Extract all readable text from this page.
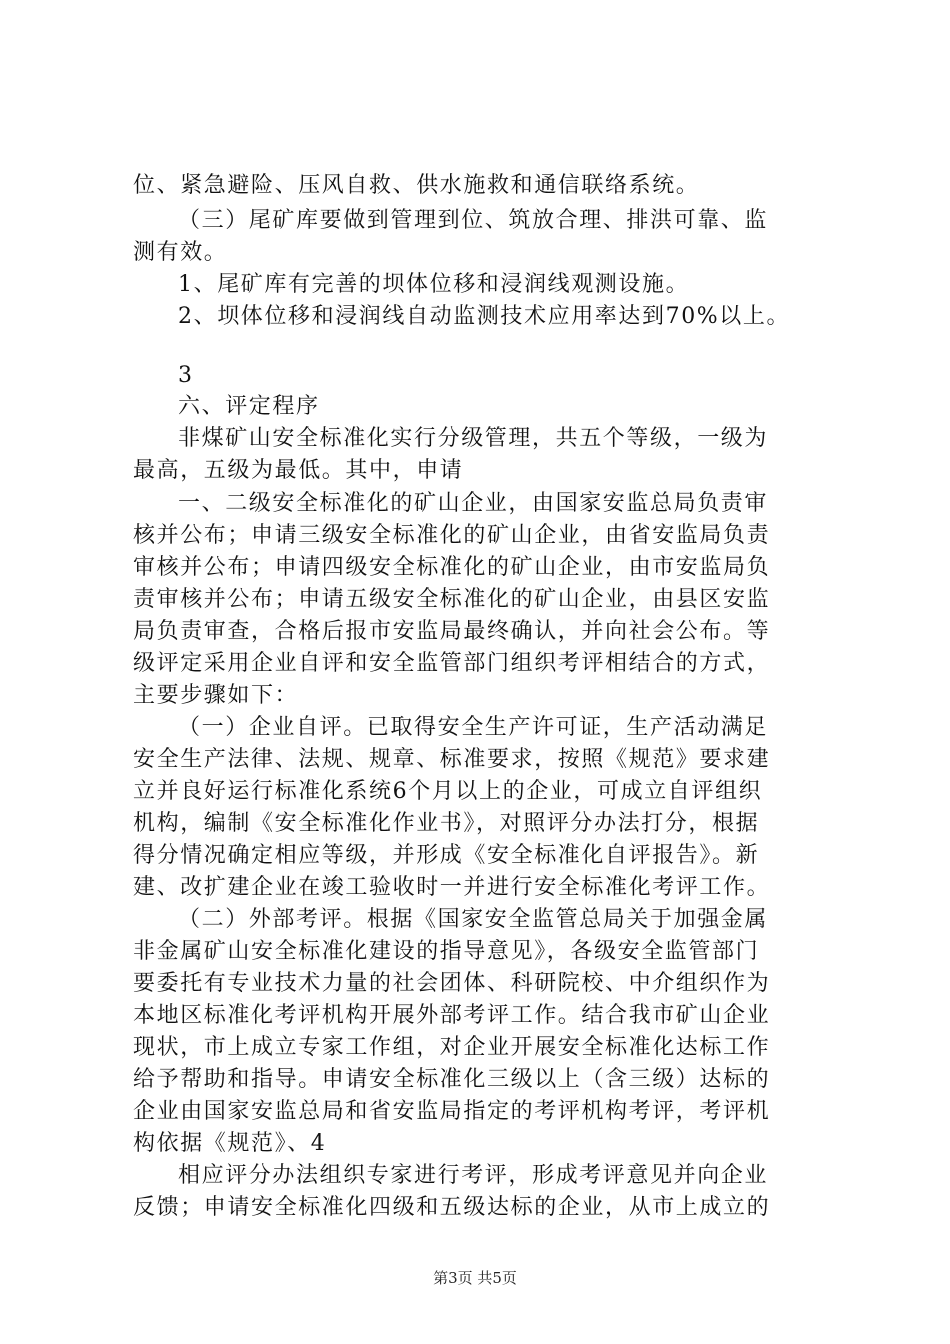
位、紧急避险、压风自救、供水施救和通信联络系统。
（三）尾矿库要做到管理到位、筑放合理、排洪可靠、监
测有效。
1、尾矿库有完善的坝体位移和浸润线观测设施。
2、坝体位移和浸润线自动监测技术应用率达到70%以上。
3
六、评定程序
非煤矿山安全标准化实行分级管理，共五个等级，一级为
最高，五级为最低。其中，申请
一、二级安全标准化的矿山企业，由国家安监总局负责审
核并公布；申请三级安全标准化的矿山企业，由省安监局负责
审核并公布；申请四级安全标准化的矿山企业，由市安监局负
责审核并公布；申请五级安全标准化的矿山企业，由县区安监
局负责审查，合格后报市安监局最终确认，并向社会公布。等
级评定采用企业自评和安全监管部门组织考评相结合的方式，
主要步骤如下：
（一）企业自评。已取得安全生产许可证，生产活动满足
安全生产法律、法规、规章、标准要求，按照《规范》要求建
立并良好运行标准化系统6个月以上的企业，可成立自评组织
机构，编制《安全标准化作业书》，对照评分办法打分，根据
得分情况确定相应等级，并形成《安全标准化自评报告》。新
建、改扩建企业在竣工验收时一并进行安全标准化考评工作。
（二）外部考评。根据《国家安全监管总局关于加强金属
非金属矿山安全标准化建设的指导意见》，各级安全监管部门
要委托有专业技术力量的社会团体、科研院校、中介组织作为
本地区标准化考评机构开展外部考评工作。结合我市矿山企业
现状，市上成立专家工作组，对企业开展安全标准化达标工作
给予帮助和指导。申请安全标准化三级以上（含三级）达标的
企业由国家安监总局和省安监局指定的考评机构考评，考评机
构依据《规范》、4
相应评分办法组织专家进行考评，形成考评意见并向企业
反馈；申请安全标准化四级和五级达标的企业，从市上成立的
第3页 共5页
